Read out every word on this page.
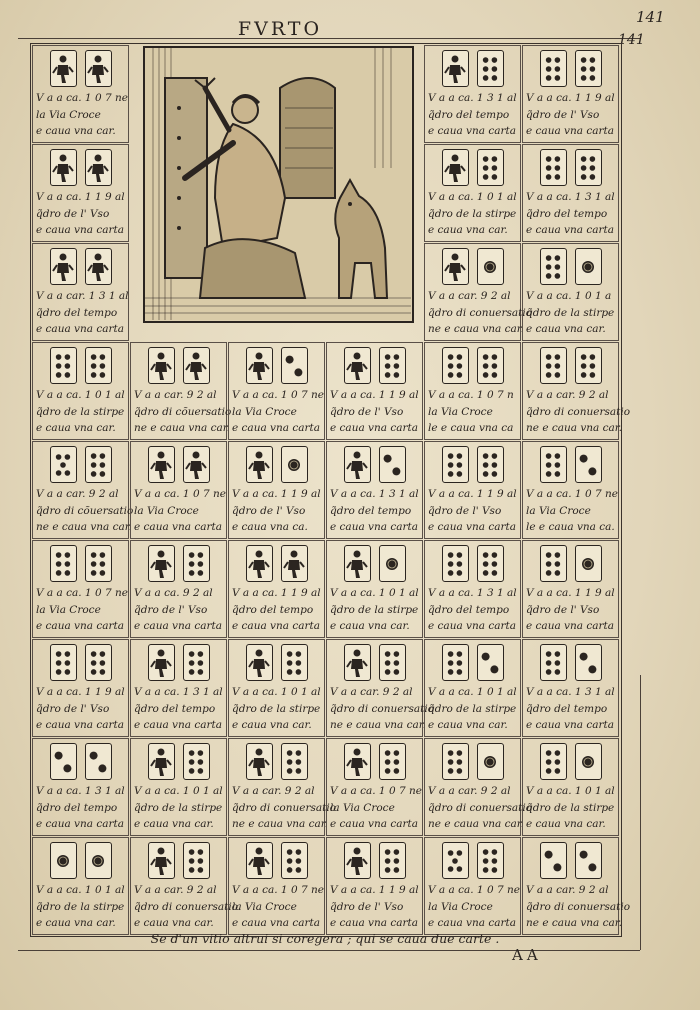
FVRTO
141
141
V a a ca. 1 0 7 ne
la Via Croce
e caua vna car.
V a a ca. 1 1 9 al
q̃dro de l' Vso
e caua vna carta
V a a car. 1 3 1 al
q̃dro del tempo
e caua vna carta
V a a ca. 1 3 1 al
q̃dro del tempo
e caua vna carta
V a a ca. 1 1 9 al
q̃dro de l' Vso
e caua vna carta
V a a ca. 1 0 1 al
q̃dro de la stirpe
e caua vna car.
V a a ca. 1 3 1 al
q̃dro del tempo
e caua vna carta
V a a car. 9 2 al
q̃dro di conuersatio
ne e caua vna car.
V a a ca. 1 0 1 a
q̃dro de la stirpe
e caua vna car.
V a a ca. 1 0 1 al
q̃dro de la stirpe
e caua vna car.
V a a car. 9 2 al
q̃dro di cõuersatio
ne e caua vna car.
V a a ca. 1 0 7 ne
la Via Croce
e caua vna carta
V a a ca. 1 1 9 al
q̃dro de l' Vso
e caua vna carta
V a a ca. 1 0 7 n
la Via Croce
le e caua vna ca
V a a car. 9 2 al
q̃dro di conuersatio
ne e caua vna car.
V a a car. 9 2 al
q̃dro di cõuersatio
ne e caua vna car.
V a a ca. 1 0 7 ne
la Via Croce
e caua vna carta
V a a ca. 1 1 9 al
q̃dro de l' Vso
e caua vna ca.
V a a ca. 1 3 1 al
q̃dro del tempo
e caua vna carta
V a a ca. 1 1 9 al
q̃dro de l' Vso
e caua vna carta
V a a ca. 1 0 7 ne
la Via Croce
le e caua vna ca.
V a a ca. 1 0 7 ne
la Via Croce
e caua vna carta
V a a ca. 9 2 al
q̃dro de l' Vso
e caua vna carta
V a a ca. 1 1 9 al
q̃dro del tempo
e caua vna carta
V a a ca. 1 0 1 al
q̃dro de la stirpe
e caua vna car.
V a a ca. 1 3 1 al
q̃dro del tempo
e caua vna carta
V a a ca. 1 1 9 al
q̃dro de l' Vso
e caua vna carta
V a a ca. 1 1 9 al
q̃dro de l' Vso
e caua vna carta
V a a ca. 1 3 1 al
q̃dro del tempo
e caua vna carta
V a a ca. 1 0 1 al
q̃dro de la stirpe
e caua vna car.
V a a car. 9 2 al
q̃dro di conuersatio
ne e caua vna car.
V a a ca. 1 0 1 al
q̃dro de la stirpe
e caua vna car.
V a a ca. 1 3 1 al
q̃dro del tempo
e caua vna carta
V a a ca. 1 3 1 al
q̃dro del tempo
e caua vna carta
V a a ca. 1 0 1 al
q̃dro de la stirpe
e caua vna car.
V a a car. 9 2 al
q̃dro di conuersatio
ne e caua vna car.
V a a ca. 1 0 7 ne
la Via Croce
e caua vna carta
V a a car. 9 2 al
q̃dro di conuersatio
ne e caua vna car.
V a a ca. 1 0 1 al
q̃dro de la stirpe
e caua vna car.
V a a ca. 1 0 1 al
q̃dro de la stirpe
e caua vna car.
V a a car. 9 2 al
q̃dro di conuersatio
e caua vna car.
V a a ca. 1 0 7 ne
la Via Croce
e caua vna carta
V a a ca. 1 1 9 al
q̃dro de l' Vso
e caua vna carta
V a a ca. 1 0 7 ne
la Via Croce
e caua vna carta
V a a car. 9 2 al
q̃dro di conuersatio
ne e caua vna car.
Se d'un vitio altrui si coregera ; qui se caua due carte .
AA
